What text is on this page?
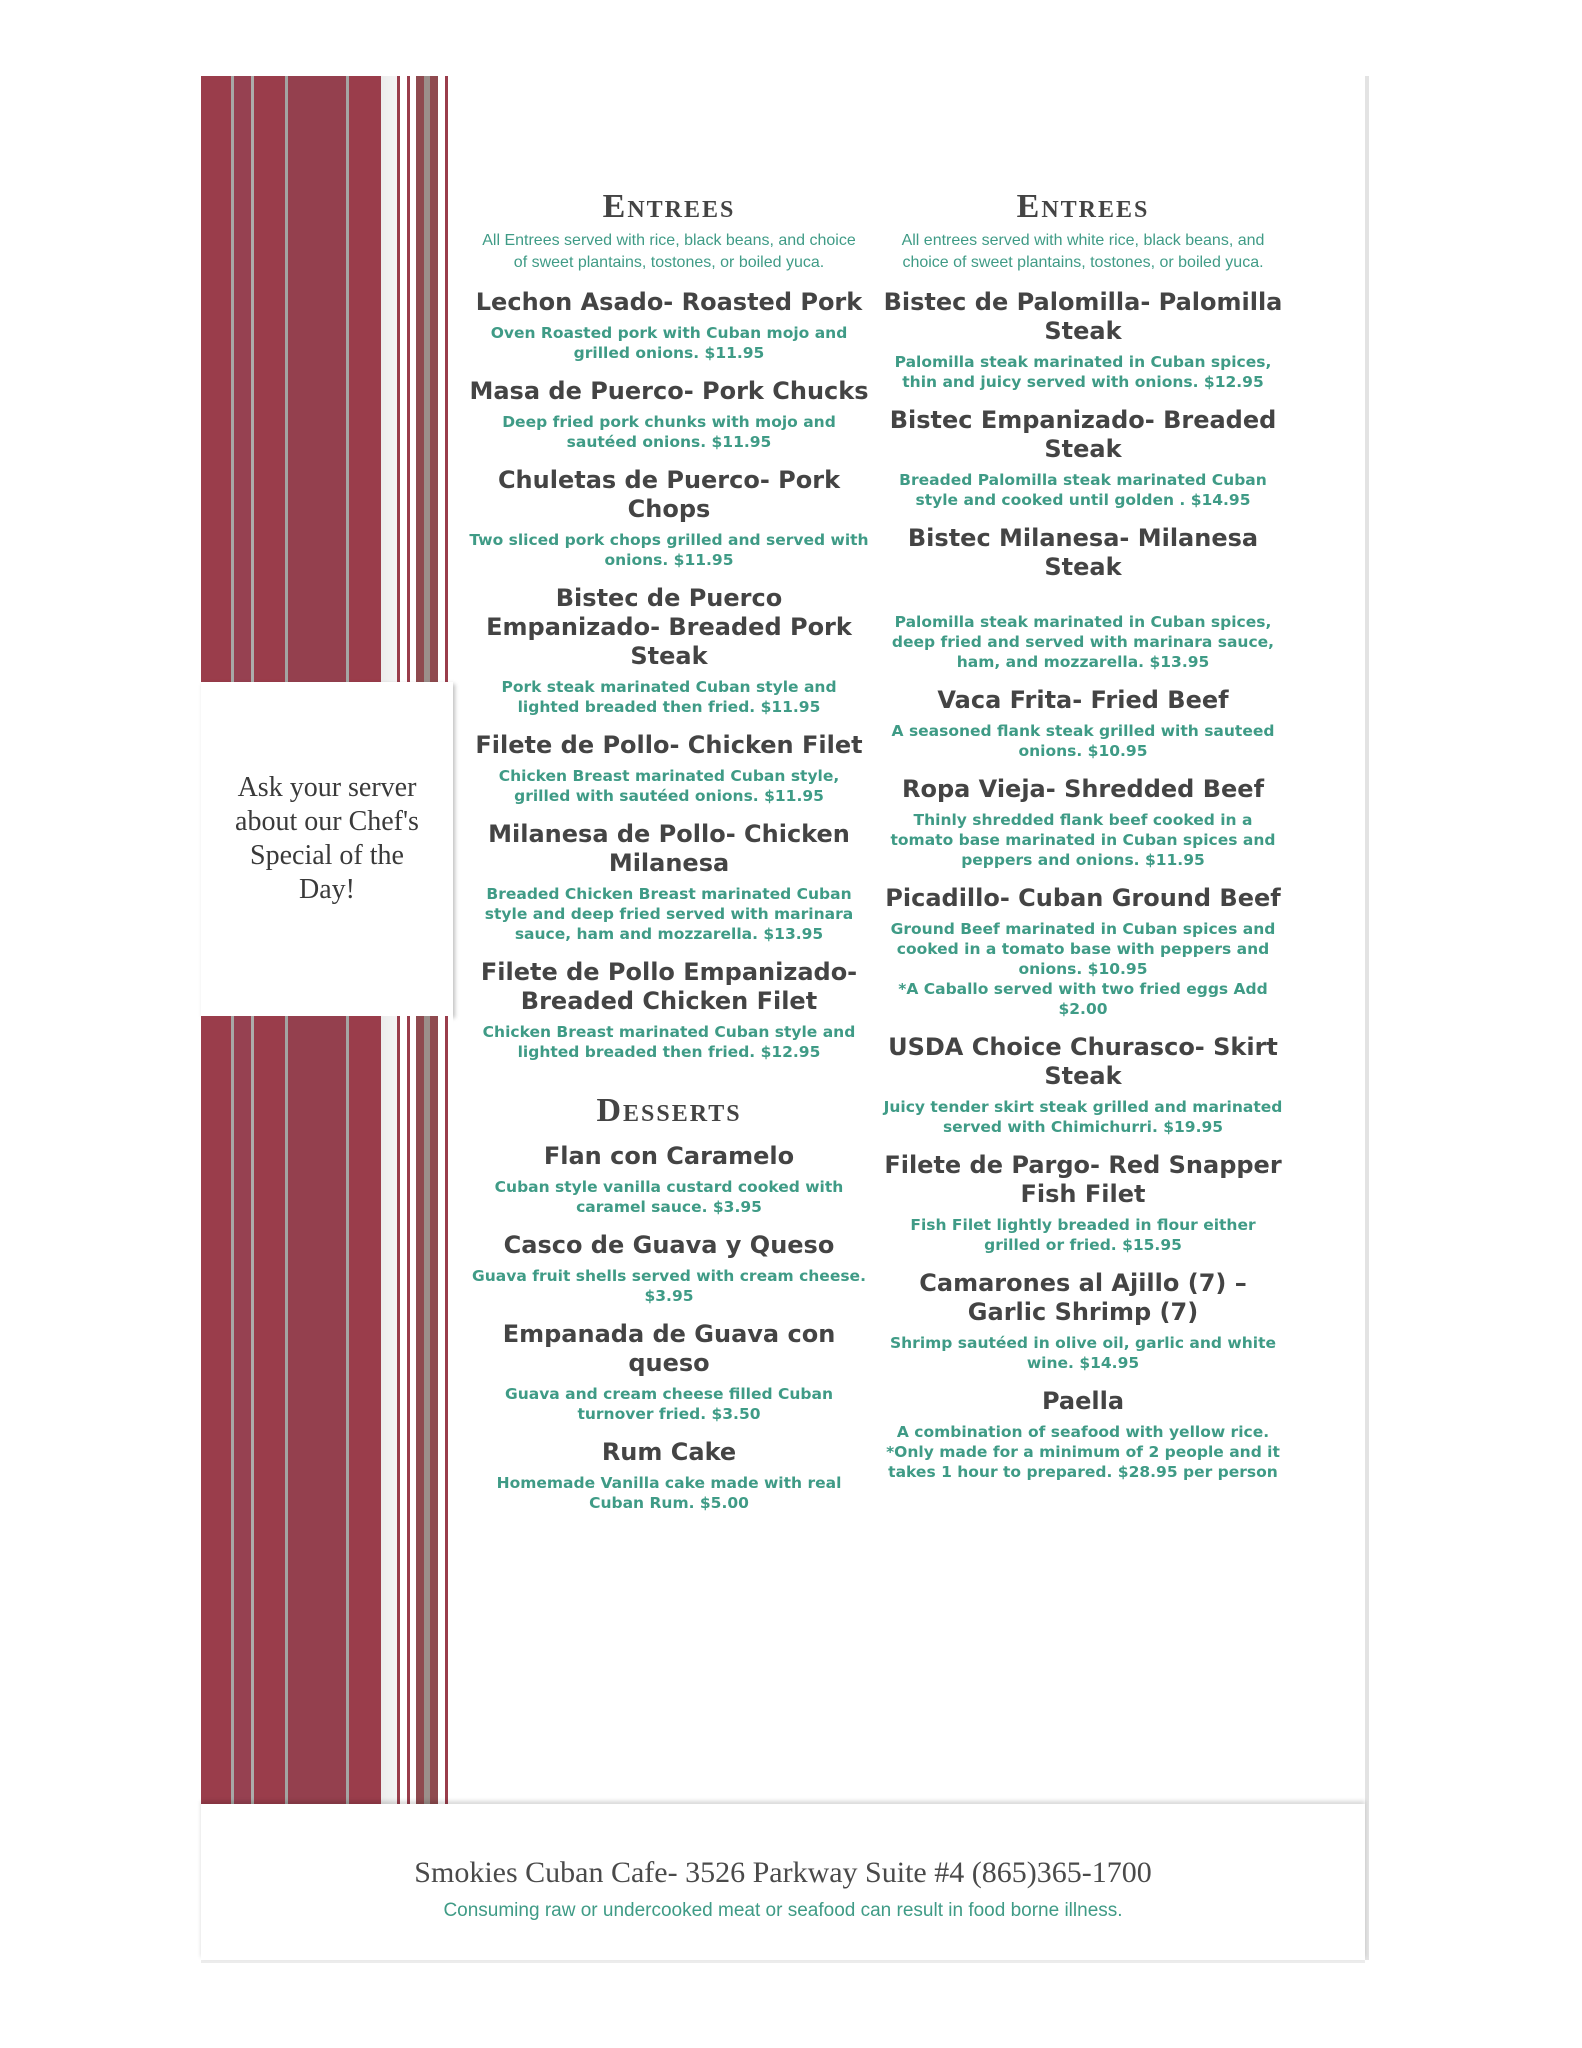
Ask your server about our Chef's Special of the Day!
Entrees
All Entrees served with rice, black beans, and choice of sweet plantains, tostones, or boiled yuca.
Lechon Asado- Roasted Pork
Oven Roasted pork with Cuban mojo and grilled onions. $11.95
Masa de Puerco- Pork Chucks
Deep fried pork chunks with mojo and sautéed onions. $11.95
Chuletas de Puerco- Pork Chops
Two sliced pork chops grilled and served with onions. $11.95
Bistec de Puerco Empanizado- Breaded Pork Steak
Pork steak marinated Cuban style and lighted breaded then fried. $11.95
Filete de Pollo- Chicken Filet
Chicken Breast marinated Cuban style, grilled with sautéed onions. $11.95
Milanesa de Pollo- Chicken Milanesa
Breaded Chicken Breast marinated Cuban style and deep fried served with marinara sauce, ham and mozzarella. $13.95
Filete de Pollo Empanizado- Breaded Chicken Filet
Chicken Breast marinated Cuban style and lighted breaded then fried. $12.95
Desserts
Flan con Caramelo
Cuban style vanilla custard cooked with caramel sauce. $3.95
Casco de Guava y Queso
Guava fruit shells served with cream cheese. $3.95
Empanada de Guava con queso
Guava and cream cheese filled Cuban turnover fried. $3.50
Rum Cake
Homemade Vanilla cake made with real Cuban Rum. $5.00
Entrees
All entrees served with white rice, black beans, and choice of sweet plantains, tostones, or boiled yuca.
Bistec de Palomilla- Palomilla Steak
Palomilla steak marinated in Cuban spices, thin and juicy served with onions. $12.95
Bistec Empanizado- Breaded Steak
Breaded Palomilla steak marinated Cuban style and cooked until golden . $14.95
Bistec Milanesa- Milanesa Steak
Palomilla steak marinated in Cuban spices, deep fried and served with marinara sauce, ham, and mozzarella. $13.95
Vaca Frita- Fried Beef
A seasoned flank steak grilled with sauteed onions. $10.95
Ropa Vieja- Shredded Beef
Thinly shredded flank beef cooked in a tomato base marinated in Cuban spices and peppers and onions. $11.95
Picadillo- Cuban Ground Beef
Ground Beef marinated in Cuban spices and cooked in a tomato base with peppers and onions. $10.95
*A Caballo served with two fried eggs Add $2.00
USDA Choice Churasco- Skirt Steak
Juicy tender skirt steak grilled and marinated served with Chimichurri. $19.95
Filete de Pargo- Red Snapper Fish Filet
Fish Filet lightly breaded in flour either grilled or fried. $15.95
Camarones al Ajillo (7) – Garlic Shrimp (7)
Shrimp sautéed in olive oil, garlic and white wine. $14.95
Paella
A combination of seafood with yellow rice. *Only made for a minimum of 2 people and it takes 1 hour to prepared. $28.95 per person
Smokies Cuban Cafe- 3526 Parkway Suite #4 (865)365-1700
Consuming raw or undercooked meat or seafood can result in food borne illness.
